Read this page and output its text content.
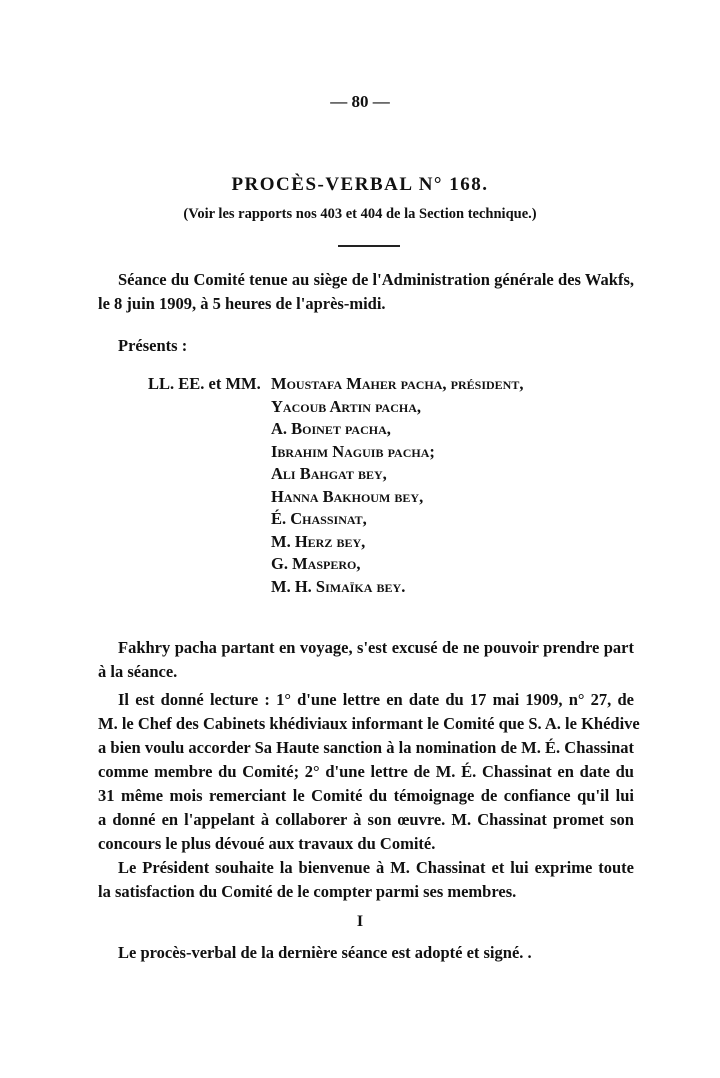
— 80 —
PROCÈS-VERBAL N° 168.
(Voir les rapports nos 403 et 404 de la Section technique.)
Séance du Comité tenue au siège de l'Administration générale des Wakfs,
le 8 juin 1909, à 5 heures de l'après-midi.
Présents :
LL. EE. et MM. Moustafa Maher pacha, président,
Yacoub Artin pacha,
A. Boinet pacha,
Ibrahim Naguib pacha;
Ali Bahgat bey,
Hanna Bakhoum bey,
É. Chassinat,
M. Herz bey,
G. Maspero,
M. H. Simaïka bey.
Fakhry pacha partant en voyage, s'est excusé de ne pouvoir prendre part
à la séance.
Il est donné lecture : 1° d'une lettre en date du 17 mai 1909, n° 27, de
M. le Chef des Cabinets khédiviaux informant le Comité que S. A. le Khédive
a bien voulu accorder Sa Haute sanction à la nomination de M. É. Chassinat
comme membre du Comité; 2° d'une lettre de M. É. Chassinat en date du
31 même mois remerciant le Comité du témoignage de confiance qu'il lui
a donné en l'appelant à collaborer à son œuvre. M. Chassinat promet son
concours le plus dévoué aux travaux du Comité.
Le Président souhaite la bienvenue à M. Chassinat et lui exprime toute
la satisfaction du Comité de le compter parmi ses membres.
I
Le procès-verbal de la dernière séance est adopté et signé. .
